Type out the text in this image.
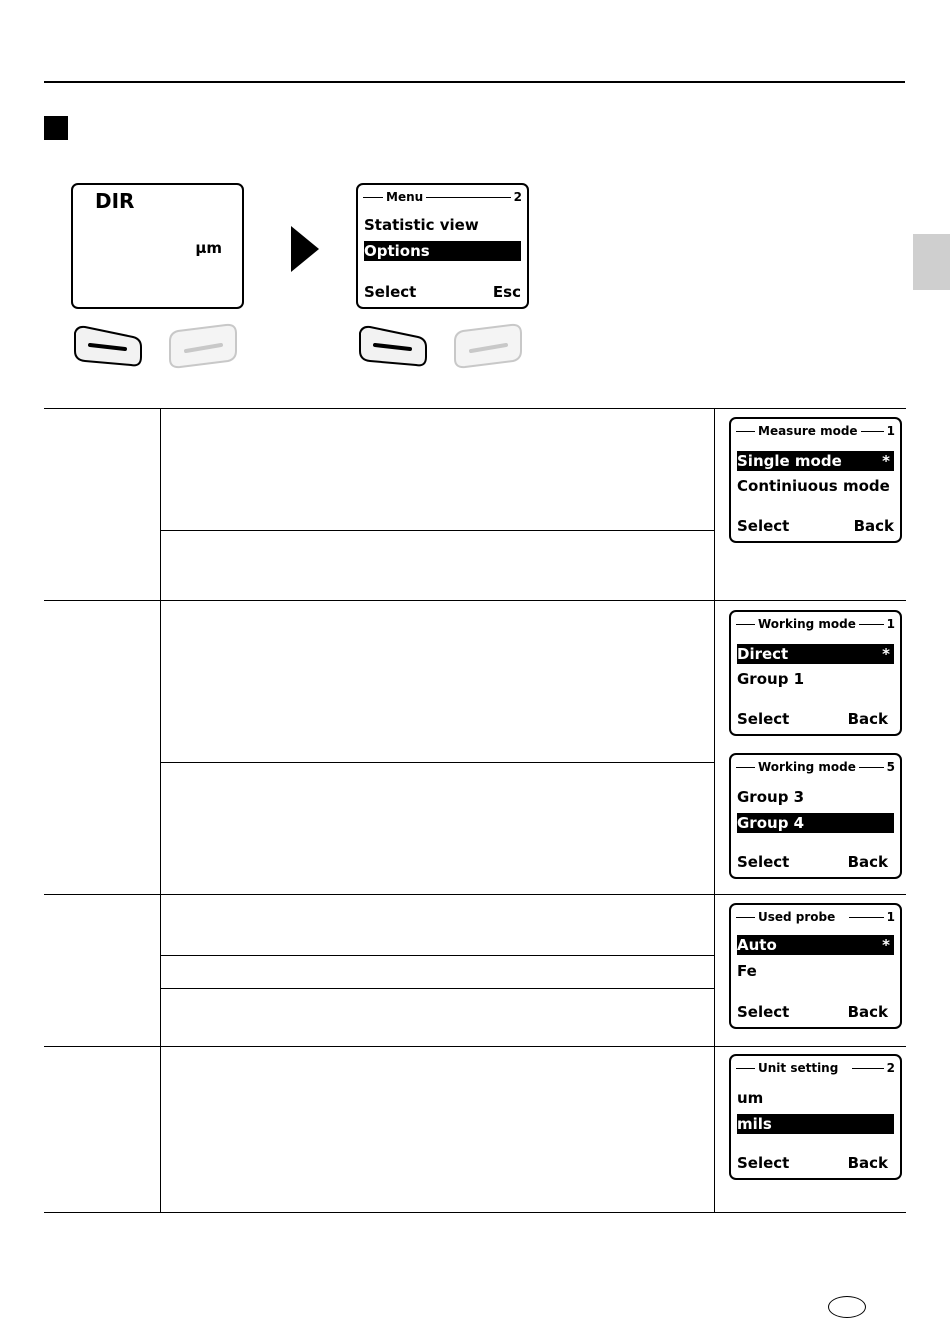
DIR
µm
Menu	2
Statistic view
Options
Select	Esc
Measure mode 1
Single mode	*
Continiuous mode
Select	Back
Working mode	1
Direct	*
Group 1
Select	Back
Working mode	5
Group 3
Group 4
Select	Back
Used probe	1
Auto	*
Fe
Select	Back
Unit setting	2
um
mils
Select	Back
